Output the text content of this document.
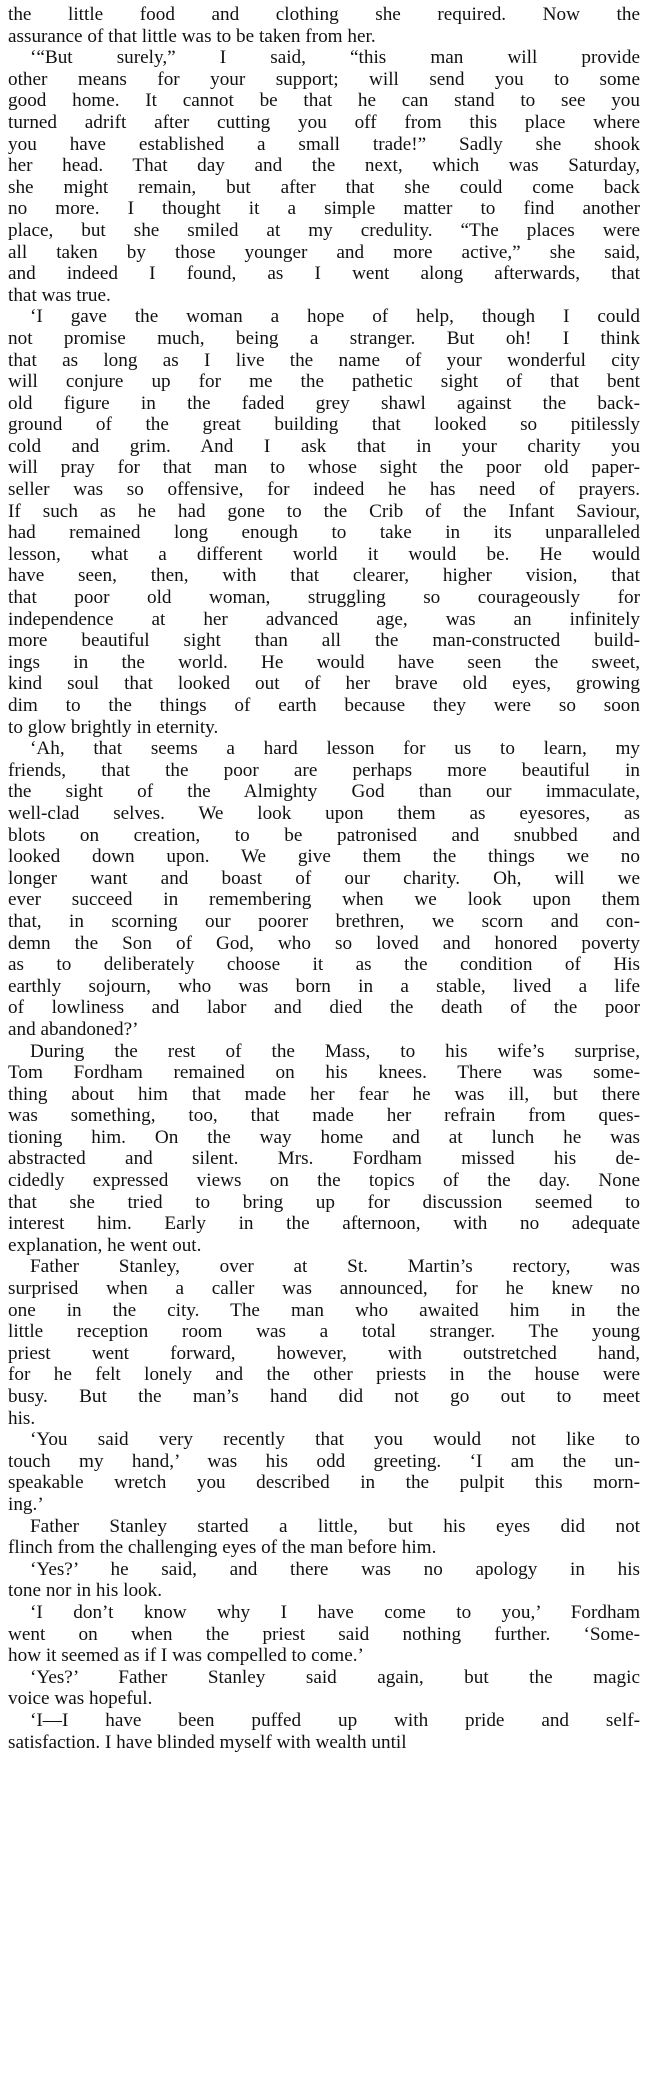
the little food and clothing she required. Now the
assurance of that little was to be taken from her.

‘“But surely,” I said, “this man will provide
other means for your support; will send you to some
good home. It cannot be that he can stand to see you
turned adrift after cutting you off from this place where
you have established a small trade!” Sadly she shook
her head. That day and the next, which was Saturday,
she might remain, but after that she could come back
no more. I thought it a simple matter to find another
place, but she smiled at my credulity. “The places were
all taken by those younger and more active,” she said,
and indeed I found, as I went along afterwards, that
that was true.

‘I gave the woman a hope of help, though I could
not promise much, being a stranger. But oh! I think
that as long as I live the name of your wonderful city
will conjure up for me the pathetic sight of that bent
old figure in the faded grey shawl against the back-
ground of the great building that looked so pitilessly
cold and grim. And I ask that in your charity you
will pray for that man to whose sight the poor old paper-
seller was so offensive, for indeed he has need of prayers.
If such as he had gone to the Crib of the Infant Saviour,
had remained long enough to take in its unparalleled
lesson, what a different world it would be. He would
have seen, then, with that clearer, higher vision, that
that poor old woman, struggling so courageously for
independence at her advanced age, was an infinitely
more beautiful sight than all the man-constructed build-
ings in the world. He would have seen the sweet,
kind soul that looked out of her brave old eyes, growing
dim to the things of earth because they were so soon
to glow brightly in eternity.

‘Ah, that seems a hard lesson for us to learn, my
friends, that the poor are perhaps more beautiful in
the sight of the Almighty God than our immaculate,
well-clad selves. We look upon them as eyesores, as
blots on creation, to be patronised and snubbed and
looked down upon. We give them the things we no
longer want and boast of our charity. Oh, will we
ever succeed in remembering when we look upon them
that, in scorning our poorer brethren, we scorn and con-
demn the Son of God, who so loved and honored poverty
as to deliberately choose it as the condition of His
earthly sojourn, who was born in a stable, lived a life
of lowliness and labor and died the death of the poor
and abandoned?’

During the rest of the Mass, to his wife’s surprise,
Tom Fordham remained on his knees. There was some-
thing about him that made her fear he was ill, but there
was something, too, that made her refrain from ques-
tioning him. On the way home and at lunch he was
abstracted and silent. Mrs. Fordham missed his de-
cidedly expressed views on the topics of the day. None
that she tried to bring up for discussion seemed to
interest him. Early in the afternoon, with no adequate
explanation, he went out.

Father Stanley, over at St. Martin’s rectory, was
surprised when a caller was announced, for he knew no
one in the city. The man who awaited him in the
little reception room was a total stranger. The young
priest went forward, however, with outstretched hand,
for he felt lonely and the other priests in the house were
busy. But the man’s hand did not go out to meet
his.

‘You said very recently that you would not like to
touch my hand,’ was his odd greeting. ‘I am the un-
speakable wretch you described in the pulpit this morn-
ing.’

Father Stanley started a little, but his eyes did not
flinch from the challenging eyes of the man before him.

‘Yes?’ he said, and there was no apology in his
tone nor in his look.

‘I don’t know why I have come to you,’ Fordham
went on when the priest said nothing further. ‘Some-
how it seemed as if I was compelled to come.’

‘Yes?’ Father Stanley said again, but the magic
voice was hopeful.

‘I—I have been puffed up with pride and self-
satisfaction. I have blinded myself with wealth until
